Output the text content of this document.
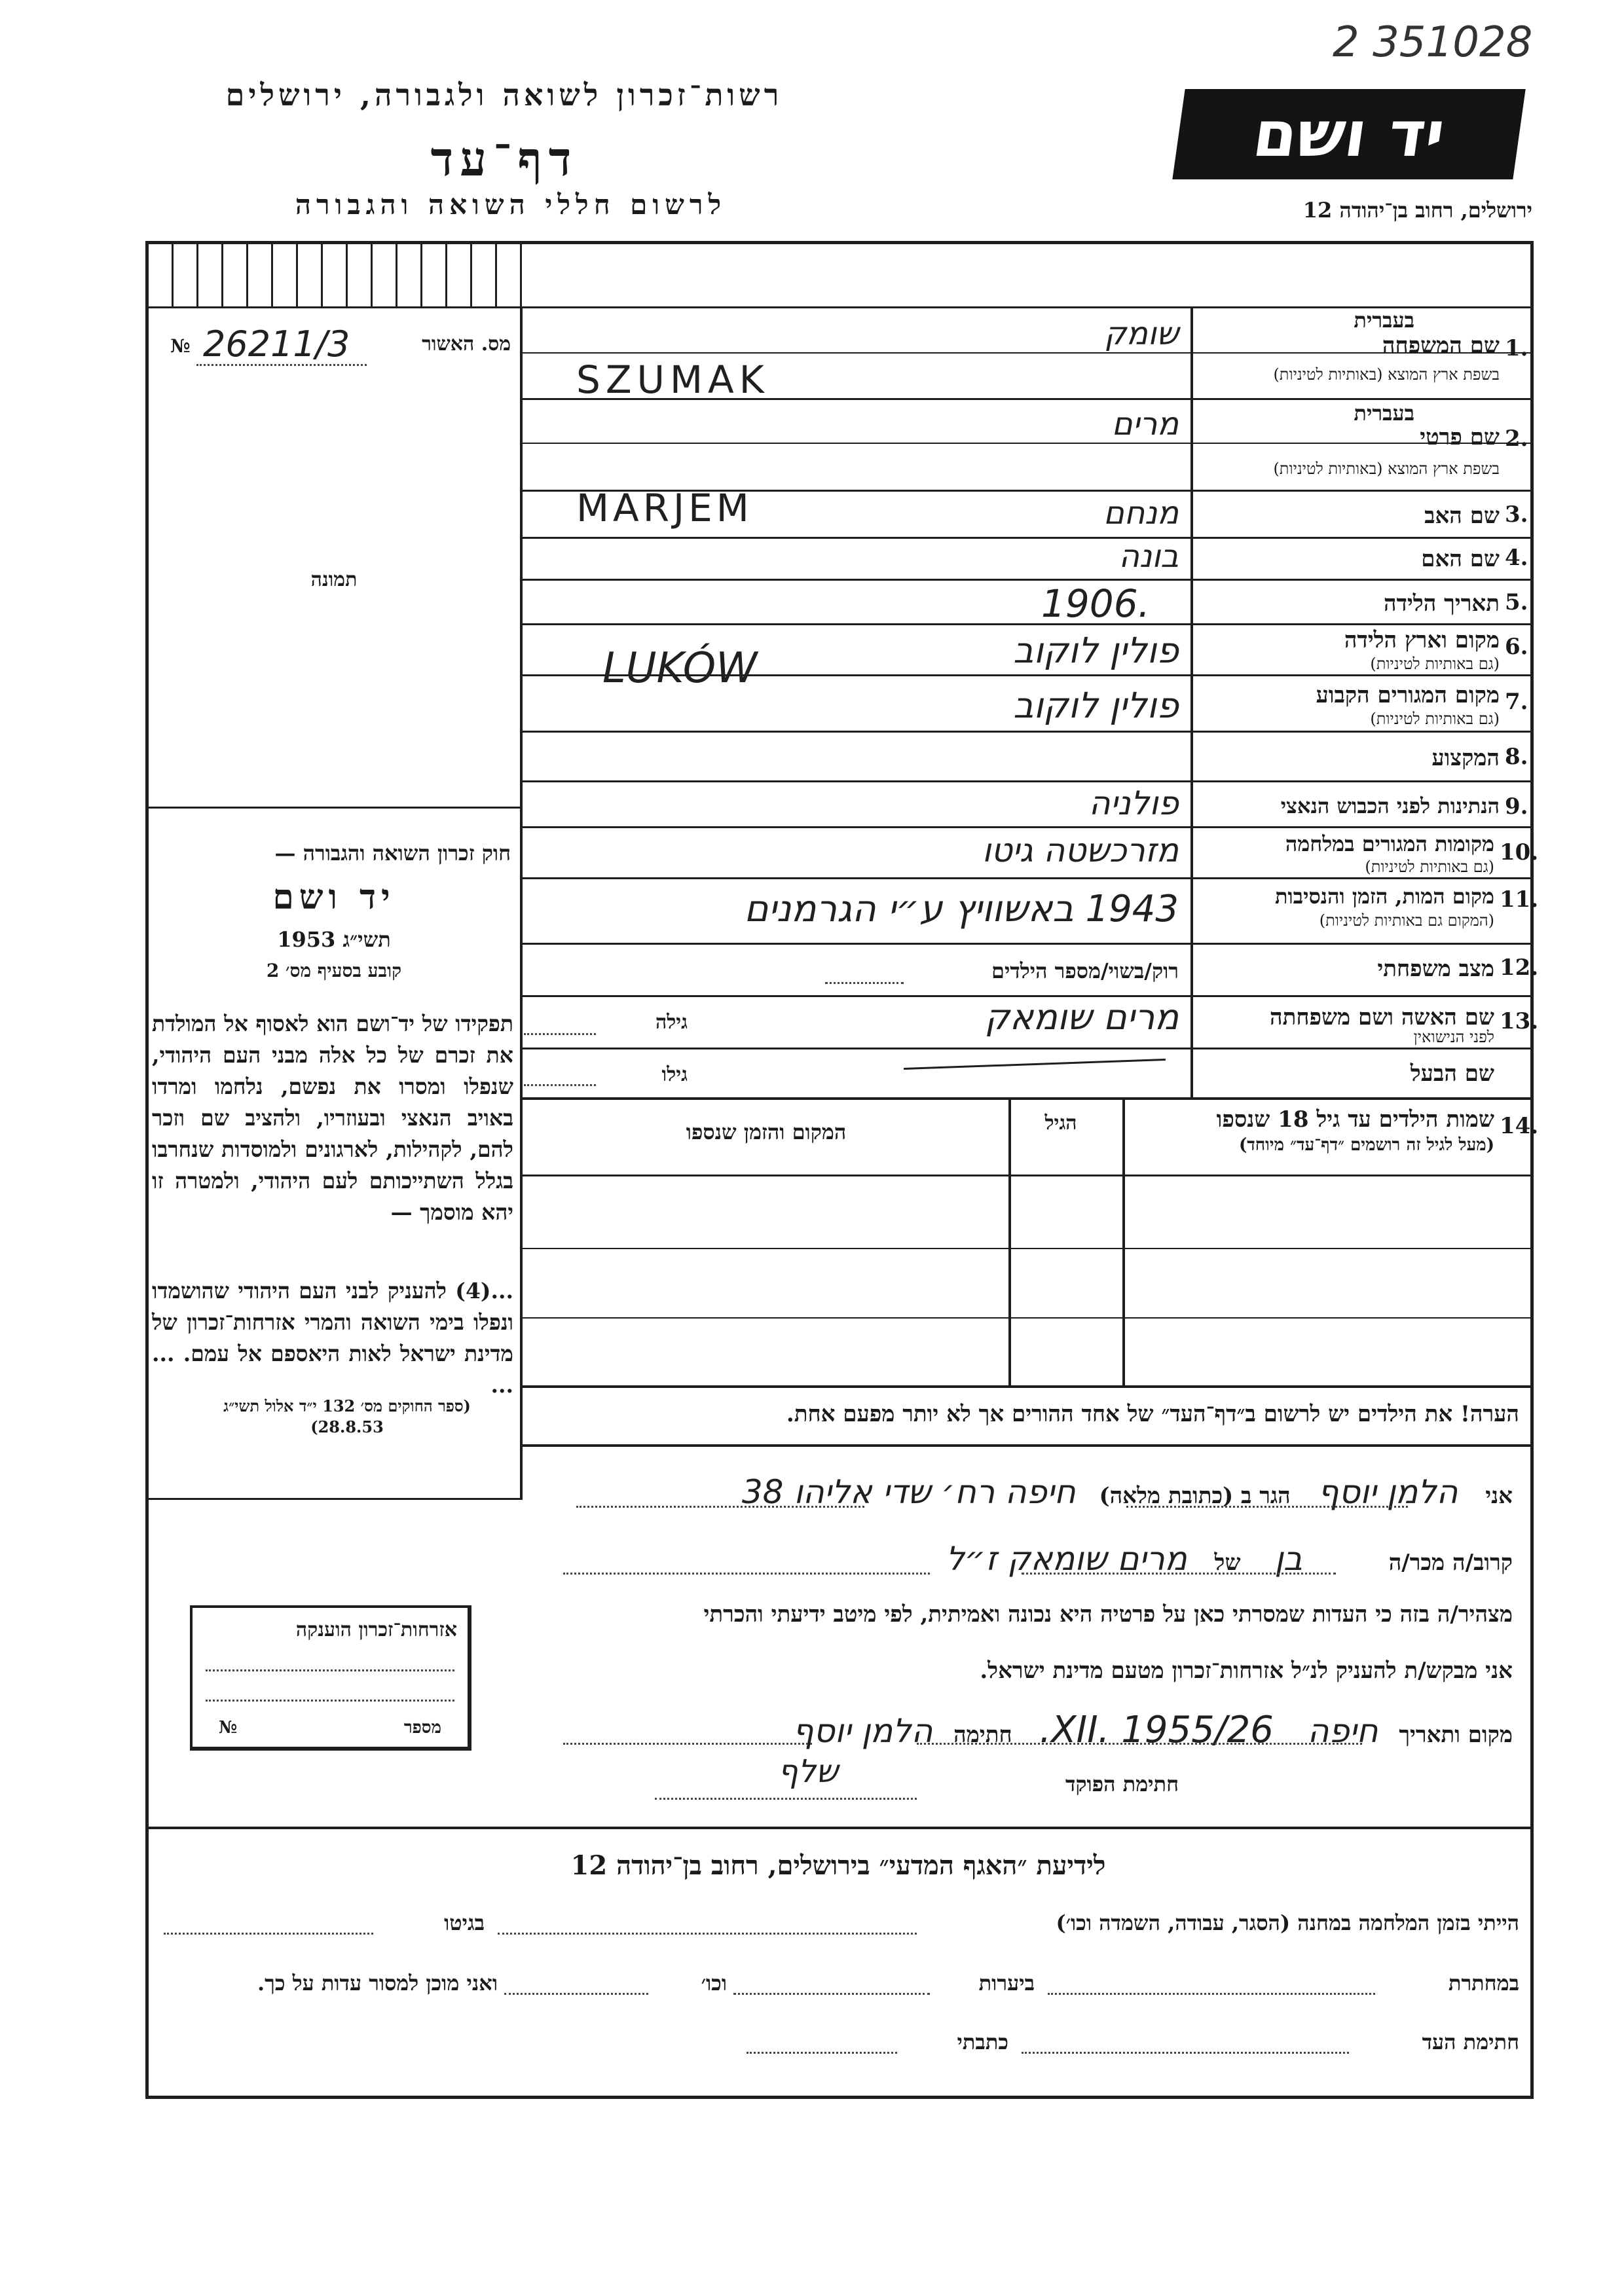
2 351028
רשות־זכרון לשואה ולגבורה, ירושלים
דף־עד
לרשום חללי השואה והגבורה
יד ושם
ירושלים, רחוב בן־יהודה 12
מס. האשור
26211/3
№
תמונה
חוק זכרון השואה והגבורה —
יד ושם
תשי״ג 1953
קובע בסעיף מס׳ 2
תפקידו של יד־ושם הוא לאסוף אל המולדת את זכרם של כל אלה מבני העם היהודי, שנפלו ומסרו את נפשם, נלחמו ומרדו באויב הנאצי ובעוזריו, ולהציב שם וזכר להם, לקהילות, לארגונים ולמוסדות שנחרבו בגלל השתייכותם לעם היהודי, ולמטרה זו יהא מוסמך —
...(4) להעניק לבני העם היהודי שהושמדו ונפלו בימי השואה והמרי אזרחות־זכרון של מדינת ישראל לאות היאספם אל עמם. ... ...
(ספר החוקים מס׳ 132 י״ד אלול תשי״ג 28.8.53)
1.
בעברית
שם המשפחה
בשפת ארץ המוצא (באותיות לטיניות)
שומק
SZUMAK
2.
בעברית
שם פרטי
בשפת ארץ המוצא (באותיות לטיניות)
מרים
MARJEM	3.
שם האב
מנחם
4.
שם האם
בונה
5.
תאריך הלידה
1906.
6.
מקום וארץ הלידה
(גם באותיות לטיניות)
פולין לוקוב
LUKÓW
7.
מקום המגורים הקבוע
(גם באותיות לטיניות)
פולין לוקוב
8.
המקצוע
9.
הנתינות לפני הכבוש הנאצי
פולניה
10.
מקומות המגורים במלחמה
(גם באותיות לטיניות)
מזרכשטה גיטו
11.
מקום המות, הזמן והנסיבות
(המקום גם באותיות לטיניות)
1943 באשוויץ ע״י הגרמנים
12.
מצב משפחתי
רוק/בשוי/מספר הילדים
13.
שם האשה ושם משפחתה
לפני הנישואין
מרים שומאק
גילה
שם הבעל
גילו
14.
שמות הילדים עד גיל 18 שנספו
(מעל לגיל זה רושמים ״דף־עד״ מיוחד)
הגיל
המקום והזמן שנספו
הערה! את הילדים יש לרשום ב״דף־העד״ של אחד ההורים אך לא יותר מפעם אחת.
אני הלמן יוסף הגר ב (כתובת מלאה) חיפה רח׳ שדי אליהו 38
קרוב/ה מכר/ה בן של מרים שומאק ז״ל
מצהיר/ה בזה כי העדות שמסרתי כאן על פרטיה היא נכונה ואמיתית, לפי מיטב ידיעתי והכרתי
אני מבקש/ת להעניק לנ״ל אזרחות־זכרון מטעם מדינת ישראל.
מקום ותאריך חיפה 26/XII. 1955. חתימה הלמן יוסף
חתימת הפוקד
שלף
אזרחות־זכרון הוענקה
מספר
№
לידיעת ״האגף המדעי״ בירושלים, רחוב בן־יהודה 12
הייתי בזמן המלחמה במחנה (הסגר, עבודה, השמדה וכו׳)
בגיטו
במחתרת
ביערות
וכו׳
ואני מוכן למסור עדות על כך.
חתימת העד
כתבתי
